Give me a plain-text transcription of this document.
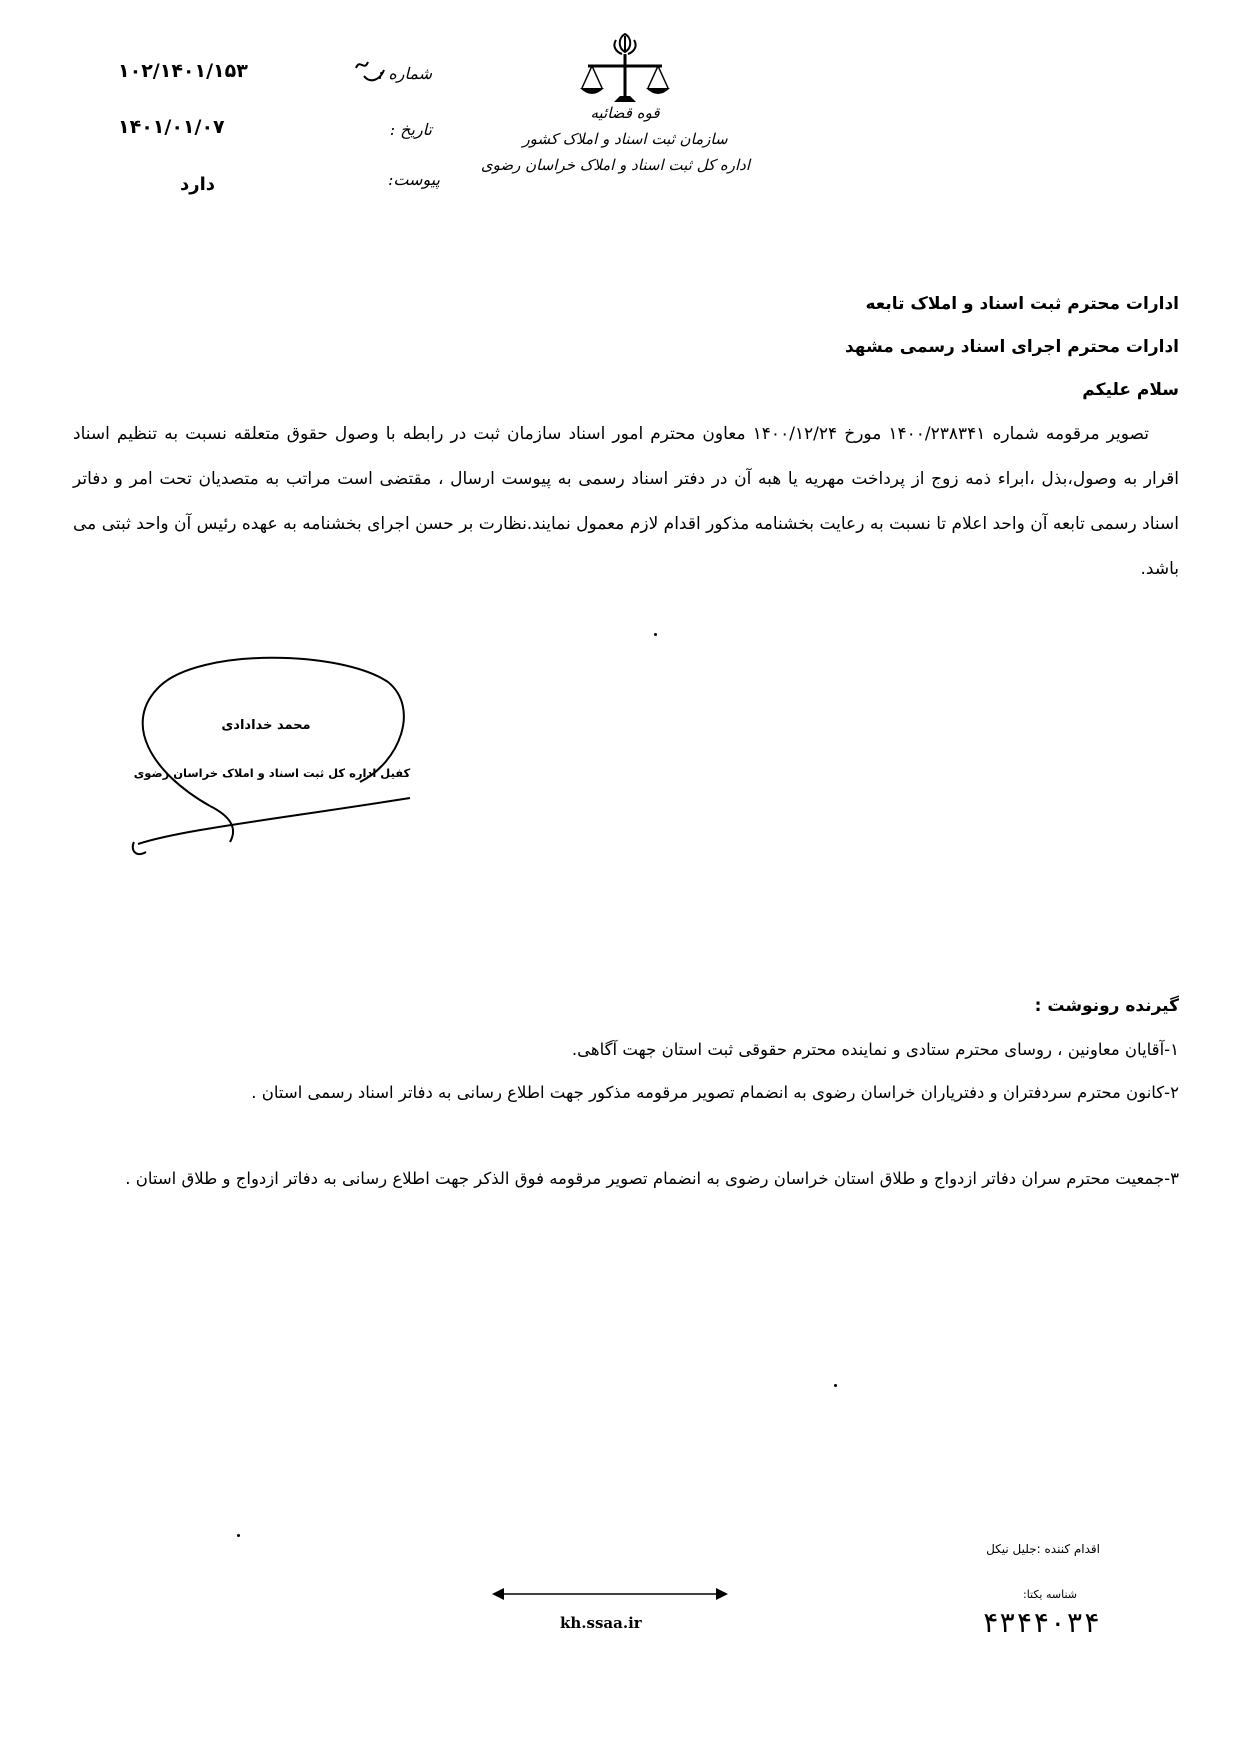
۱۰۲/۱۴۰۱/۱۵۳	شماره :
۱۴۰۱/۰۱/۰۷	تاریخ :
دارد	پیوست:
قوه قضائیه
سازمان ثبت اسناد و املاک کشور
اداره کل ثبت اسناد و املاک خراسان رضوی
ادارات محترم ثبت اسناد و املاک تابعه
ادارات محترم اجرای اسناد رسمی مشهد
سلام علیکم

تصویر مرقومه شماره ۱۴۰۰/۲۳۸۳۴۱ مورخ ۱۴۰۰/۱۲/۲۴ معاون محترم امور اسناد سازمان ثبت در رابطه با وصول حقوق متعلقه نسبت به تنظیم اسناد اقرار به وصول،بذل ،ابراء ذمه زوج از پرداخت مهریه یا هبه آن در دفتر اسناد رسمی به پیوست ارسال ، مقتضی است مراتب به متصدیان تحت امر و دفاتر اسناد رسمی تابعه آن واحد اعلام تا نسبت به رعایت بخشنامه مذکور اقدام لازم معمول نمایند.نظارت بر حسن اجرای بخشنامه به عهده رئیس آن واحد ثبتی می باشد.

محمد خدادادی
کفیل اداره کل ثبت اسناد و املاک خراسان رضوی
گیرنده رونوشت :
۱-آقایان معاونین ، روسای محترم ستادی و نماینده محترم حقوقی ثبت استان جهت آگاهی.
۲-کانون محترم سردفتران و دفتریاران خراسان رضوی به انضمام تصویر مرقومه مذکور جهت اطلاع رسانی به دفاتر اسناد رسمی استان .
۳-جمعیت محترم سران دفاتر ازدواج و طلاق استان خراسان رضوی به انضمام تصویر مرقومه فوق الذکر جهت اطلاع رسانی به دفاتر ازدواج و طلاق استان .
اقدام کننده :جلیل نیکل
شناسه یکتا:
۴۳۴۴۰۳۴
kh.ssaa.ir
